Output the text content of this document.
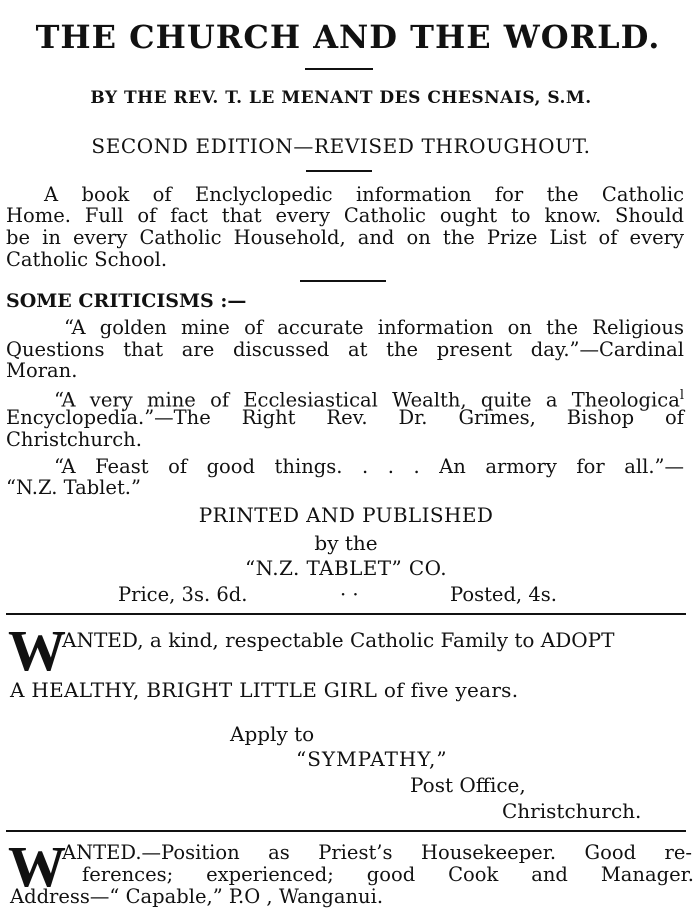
THE CHURCH AND THE WORLD.
BY THE REV. T. LE MENANT DES CHESNAIS, S.M.
SECOND EDITION—REVISED THROUGHOUT.
A book of Enclyclopedic information for the Catholic
Home. Full of fact that every Catholic ought to know. Should
be in every Catholic Household, and on the Prize List of every
Catholic School.
SOME CRITICISMS :—
“A golden mine of accurate information on the Religious
Questions that are discussed at the present day.”—Cardinal
Moran.
“A very mine of Ecclesiastical Wealth, quite a Theologica$^l$
Encyclopedia.”—The Right Rev. Dr. Grimes, Bishop of
Christchurch.
“A Feast of good things. . . . An armory for all.”—
“N.Z. Tablet.”
PRINTED AND PUBLISHED
by the
“N.Z. TABLET” CO.
Price, 3s. 6d.	· ·	Posted, 4s.
W
ANTED, a kind, respectable Catholic Family to ADOPT
A HEALTHY, BRIGHT LITTLE GIRL of five years.
Apply to
“SYMPATHY,”
Post Office,
Christchurch.
W
ANTED.—Position as Priest’s Housekeeper. Good re-
ferences; experienced; good Cook and Manager.
Address—“ Capable,” P.O , Wanganui.
